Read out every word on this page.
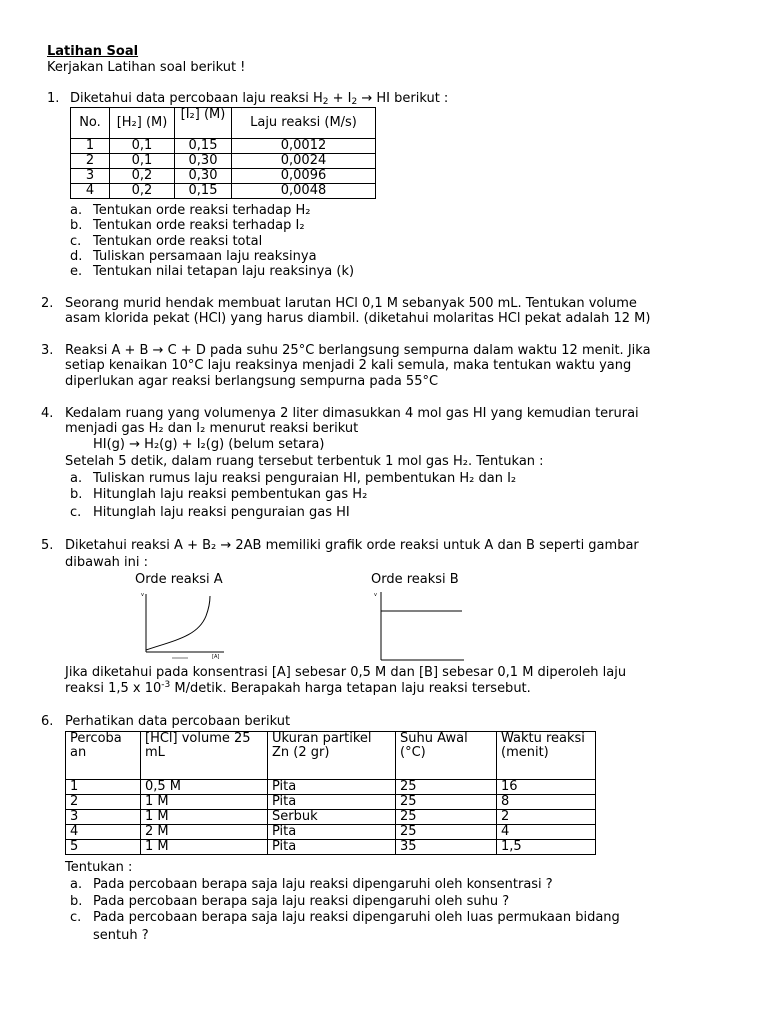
Latihan Soal
Kerjakan Latihan soal berikut !
1. Diketahui data percobaan laju reaksi $H_2 + I_2$ → HI berikut :
No.	[H₂] (M)	[I₂] (M)	Laju reaksi (M/s)
1	0,1	0,15	0,0012
2	0,1	0,30	0,0024
3	0,2	0,30	0,0096
4	0,2	0,15	0,0048
a. Tentukan orde reaksi terhadap H₂
b. Tentukan orde reaksi terhadap I₂
c. Tentukan orde reaksi total
d. Tuliskan persamaan laju reaksinya
e. Tentukan nilai tetapan laju reaksinya (k)
2. Seorang murid hendak membuat larutan HCl 0,1 M sebanyak 500 mL. Tentukan volume
asam klorida pekat (HCl) yang harus diambil. (diketahui molaritas HCl pekat adalah 12 M)
3. Reaksi A + B → C + D pada suhu 25°C berlangsung sempurna dalam waktu 12 menit. Jika
setiap kenaikan 10°C laju reaksinya menjadi 2 kali semula, maka tentukan waktu yang
diperlukan agar reaksi berlangsung sempurna pada 55°C
4. Kedalam ruang yang volumenya 2 liter dimasukkan 4 mol gas HI yang kemudian terurai
menjadi gas H₂ dan I₂ menurut reaksi berikut
HI(g) → H₂(g) + I₂(g) (belum setara)
Setelah 5 detik, dalam ruang tersebut terbentuk 1 mol gas H₂. Tentukan :
a. Tuliskan rumus laju reaksi penguraian HI, pembentukan H₂ dan I₂
b. Hitunglah laju reaksi pembentukan gas H₂
c. Hitunglah laju reaksi penguraian gas HI
5. Diketahui reaksi A + B₂ → 2AB memiliki grafik orde reaksi untuk A dan B seperti gambar
dibawah ini :
Orde reaksi A	Orde reaksi B
v
[A]
v
Jika diketahui pada konsentrasi [A] sebesar 0,5 M dan [B] sebesar 0,1 M diperoleh laju
reaksi 1,5 x $10^{-3}$ M/detik. Berapakah harga tetapan laju reaksi tersebut.
6. Perhatikan data percobaan berikut
Percoba an	[HCl] volume 25 mL	Ukuran partikel Zn (2 gr)	Suhu Awal (°C)	Waktu reaksi (menit)
1	0,5 M	Pita	25	16
2	1 M	Pita	25	8
3	1 M	Serbuk	25	2
4	2 M	Pita	25	4
5	1 M	Pita	35	1,5
Tentukan :
a. Pada percobaan berapa saja laju reaksi dipengaruhi oleh konsentrasi ?
b. Pada percobaan berapa saja laju reaksi dipengaruhi oleh suhu ?
c. Pada percobaan berapa saja laju reaksi dipengaruhi oleh luas permukaan bidang
sentuh ?
